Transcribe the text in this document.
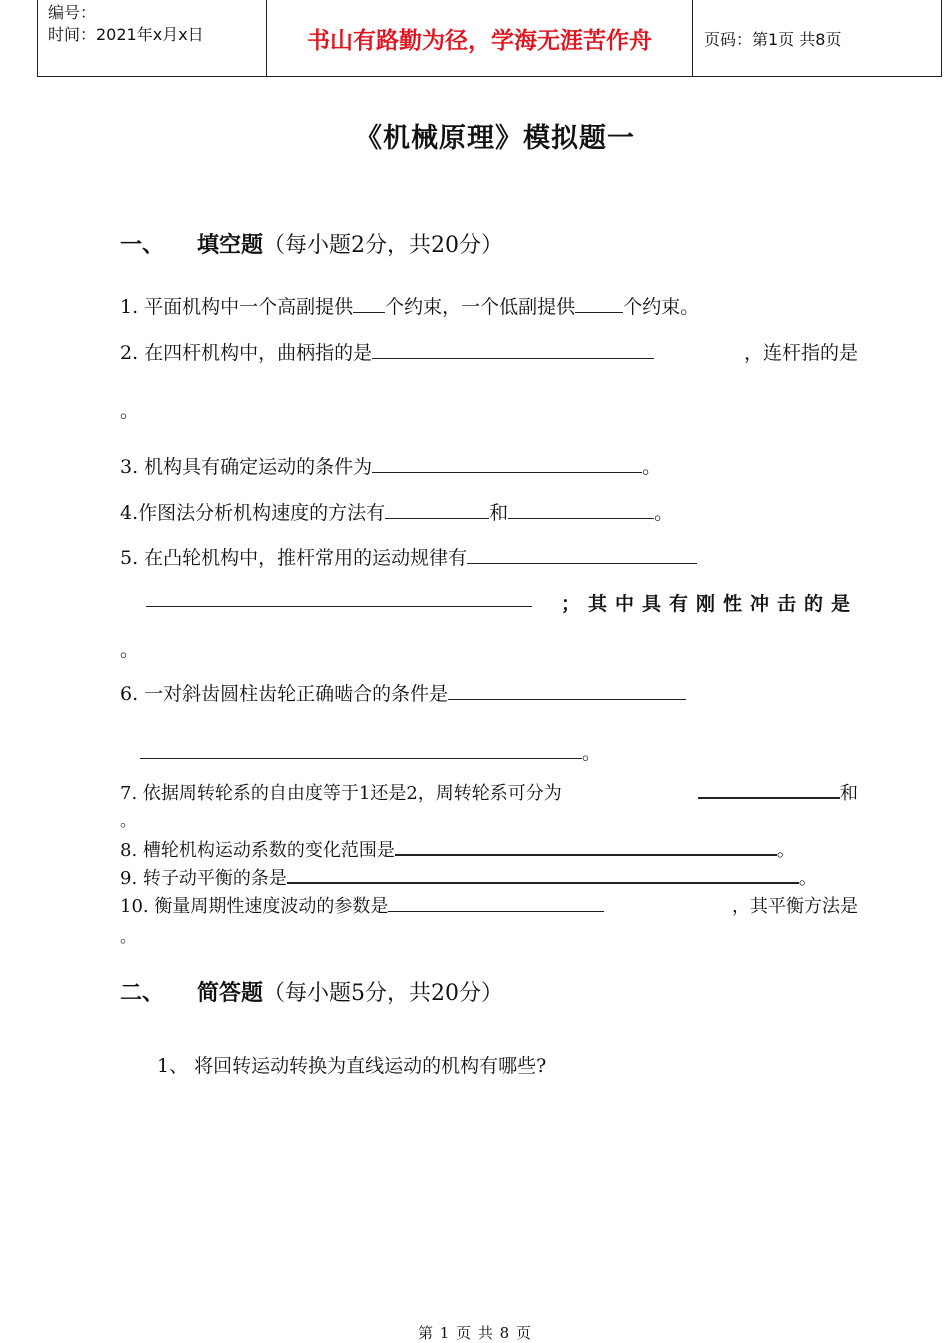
编号：
时间：2021年x月x日	书山有路勤为径，学海无涯苦作舟	页码：第1页 共8页
《机械原理》模拟题一
一、 填空题（每小题2分，共20分）
1. 平面机构中一个高副提供 个约束，一个低副提供	个约束。
2. 在四杆机构中，曲柄指的是	，连杆指的是
。
3. 机构具有确定运动的条件为	。
4.作图法分析机构速度的方法有	和	。
5. 在凸轮机构中，推杆常用的运动规律有
；其中具有刚性冲击的是
。
6. 一对斜齿圆柱齿轮正确啮合的条件是
。
7. 依据周转轮系的自由度等于1还是2，周转轮系可分为	和
。
8. 槽轮机构运动系数的变化范围是	。
9. 转子动平衡的条是	。
10. 衡量周期性速度波动的参数是	，其平衡方法是
。
二、 简答题（每小题5分，共20分）
1、 将回转运动转换为直线运动的机构有哪些?
第 1 页 共 8 页
